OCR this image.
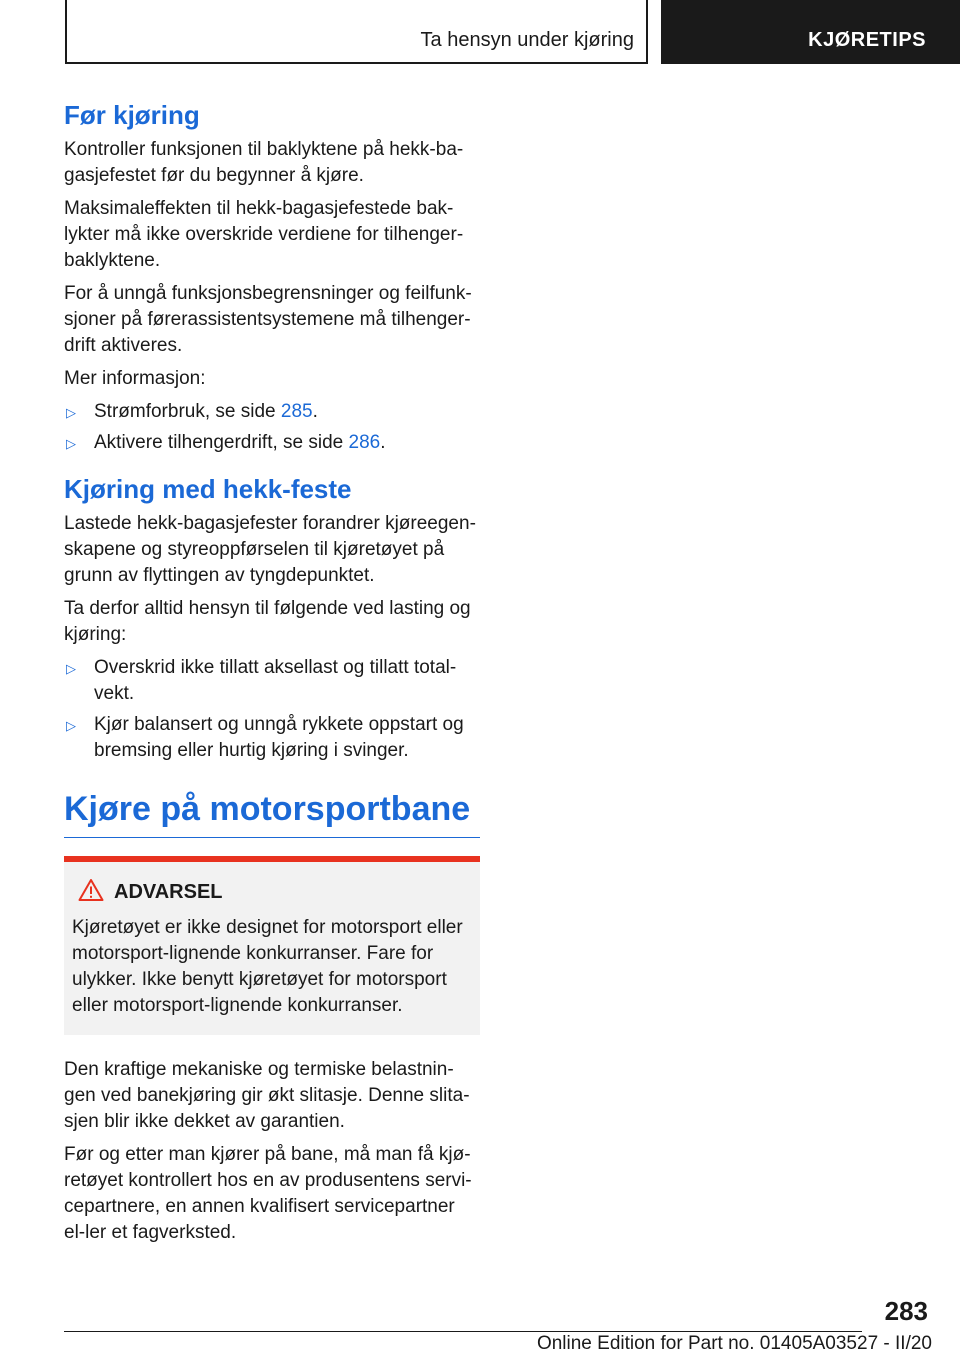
Ta hensyn under kjøring	KJØRETIPS
Før kjøring

Kontroller funksjonen til baklyktene på hekk-ba-gasjefestet før du begynner å kjøre.

Maksimaleffekten til hekk-bagasjefestede bak-lykter må ikke overskride verdiene for tilhenger-baklyktene.

For å unngå funksjonsbegrensninger og feilfunk-sjoner på førerassistentsystemene må tilhenger-drift aktiveres.

Mer informasjon:

▷ Strømforbruk, se side 285.
▷ Aktivere tilhengerdrift, se side 286.
Kjøring med hekk-feste

Lastede hekk-bagasjefester forandrer kjøreegen-skapene og styreoppførselen til kjøretøyet på grunn av flyttingen av tyngdepunktet.

Ta derfor alltid hensyn til følgende ved lasting og kjøring:

▷ Overskrid ikke tillatt aksellast og tillatt total-vekt.
▷ Kjør balansert og unngå rykkete oppstart og bremsing eller hurtig kjøring i svinger.
Kjøre på motorsportbane
ADVARSEL

Kjøretøyet er ikke designet for motorsport eller motorsport-lignende konkurranser. Fare for ulykker. Ikke benytt kjøretøyet for motorsport eller motorsport-lignende konkurranser.

Den kraftige mekaniske og termiske belastnin-gen ved banekjøring gir økt slitasje. Denne slita-sjen blir ikke dekket av garantien.

Før og etter man kjører på bane, må man få kjø-retøyet kontrollert hos en av produsentens servi-cepartnere, en annen kvalifisert servicepartner el-ler et fagverksted.

283
Online Edition for Part no. 01405A03527 - II/20
